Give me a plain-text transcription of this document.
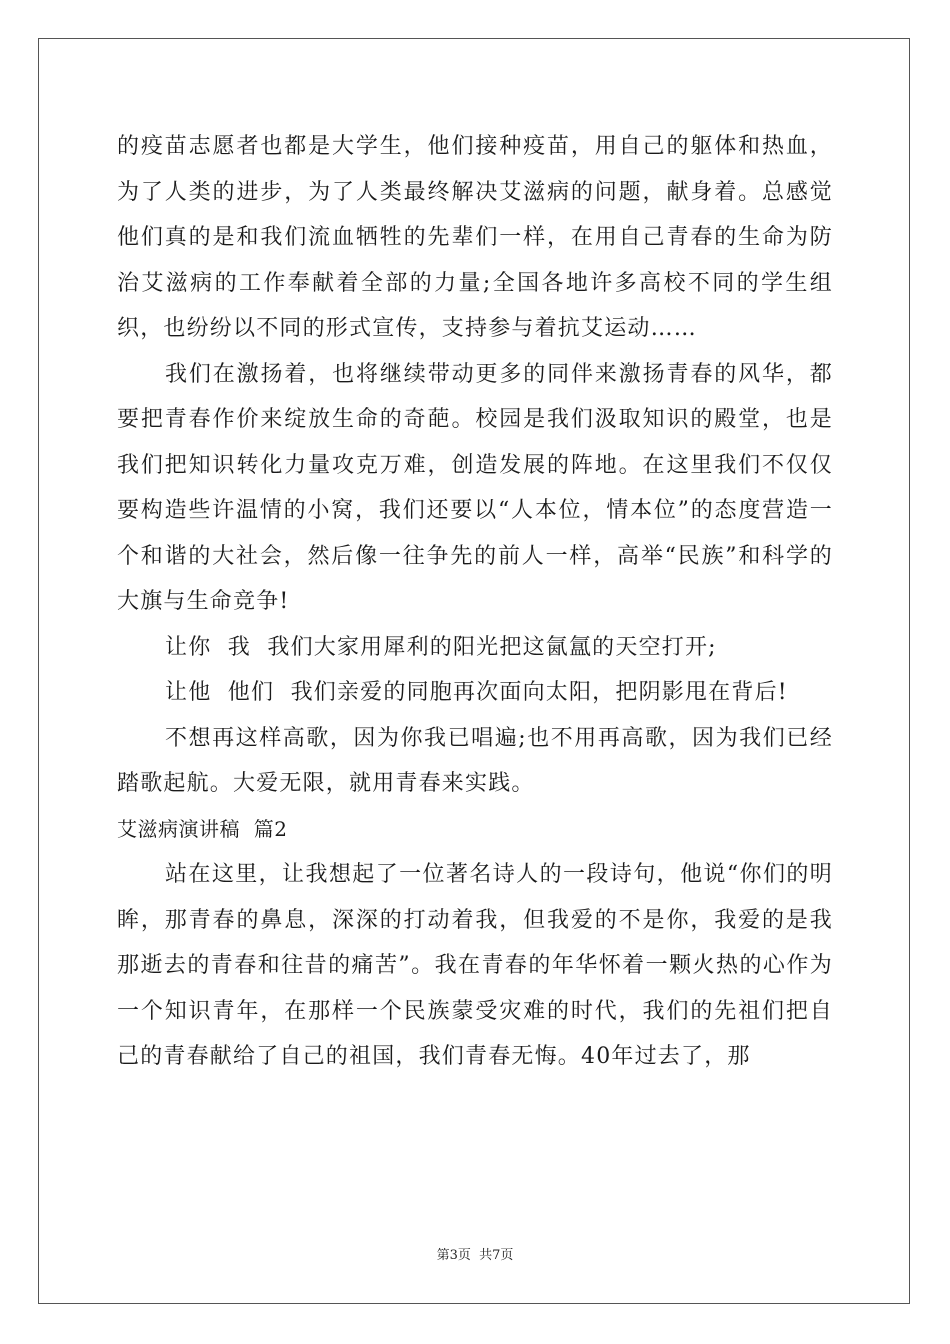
的疫苗志愿者也都是大学生，他们接种疫苗，用自己的躯体和热血，为了人类的进步，为了人类最终解决艾滋病的问题，献身着。总感觉他们真的是和我们流血牺牲的先辈们一样，在用自己青春的生命为防治艾滋病的工作奉献着全部的力量;全国各地许多高校不同的学生组织，也纷纷以不同的形式宣传，支持参与着抗艾运动……

我们在激扬着，也将继续带动更多的同伴来激扬青春的风华，都要把青春作价来绽放生命的奇葩。校园是我们汲取知识的殿堂，也是我们把知识转化力量攻克万难，创造发展的阵地。在这里我们不仅仅要构造些许温情的小窝，我们还要以“人本位，情本位”的态度营造一个和谐的大社会，然后像一往争先的前人一样，高举“民族”和科学的大旗与生命竞争!

让你  我  我们大家用犀利的阳光把这氤氲的天空打开;

让他  他们  我们亲爱的同胞再次面向太阳，把阴影甩在背后!

不想再这样高歌，因为你我已唱遍;也不用再高歌，因为我们已经踏歌起航。大爱无限，就用青春来实践。

艾滋病演讲稿  篇2

站在这里，让我想起了一位著名诗人的一段诗句，他说“你们的明眸，那青春的鼻息，深深的打动着我，但我爱的不是你，我爱的是我那逝去的青春和往昔的痛苦”。我在青春的年华怀着一颗火热的心作为一个知识青年，在那样一个民族蒙受灾难的时代，我们的先祖们把自己的青春献给了自己的祖国，我们青春无悔。40年过去了，那

第3页 共7页
